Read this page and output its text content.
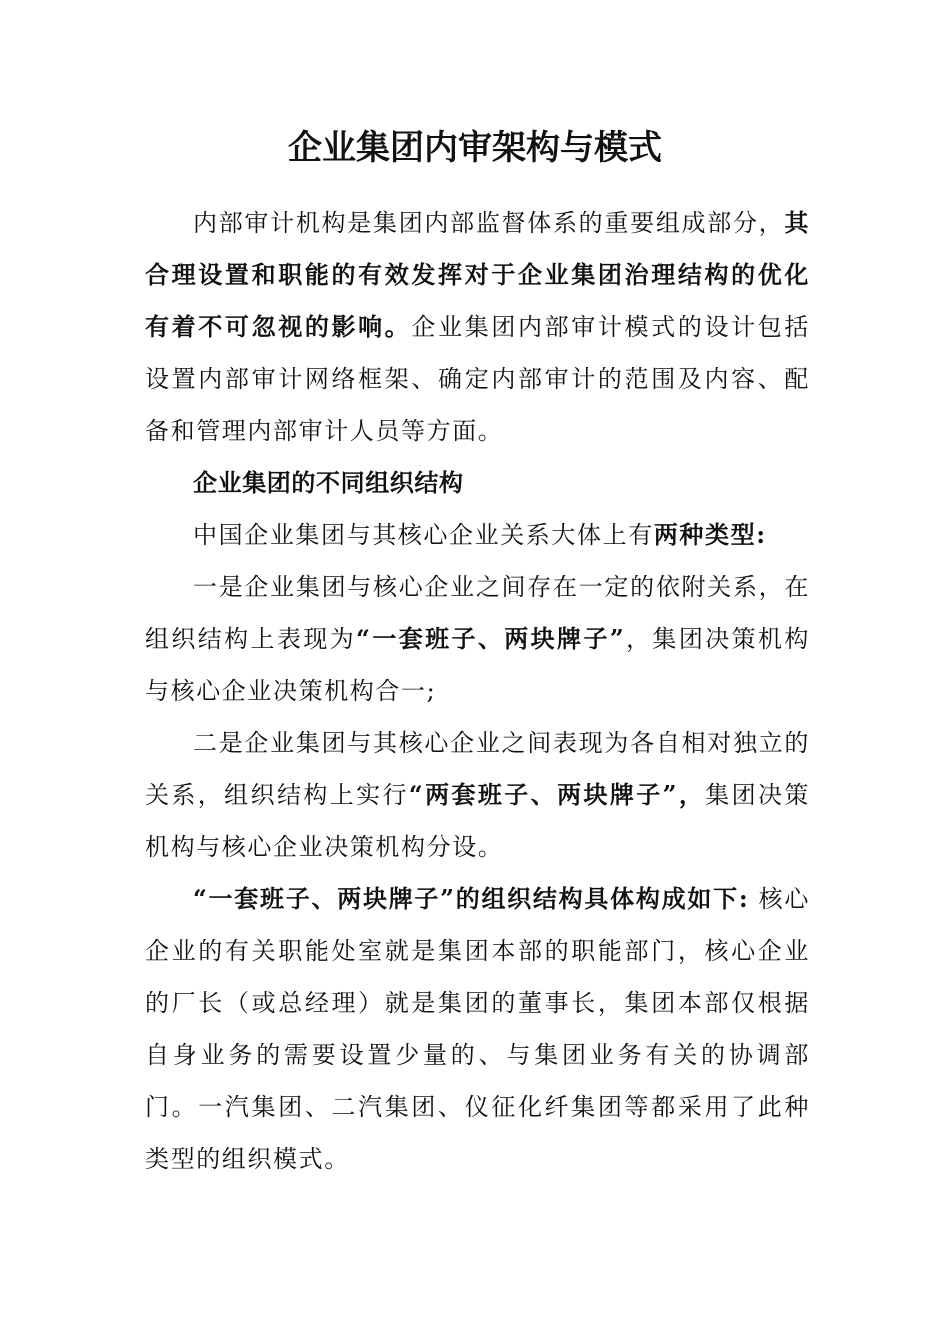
企业集团内审架构与模式

内部审计机构是集团内部监督体系的重要组成部分，其合理设置和职能的有效发挥对于企业集团治理结构的优化有着不可忽视的影响。企业集团内部审计模式的设计包括设置内部审计网络框架、确定内部审计的范围及内容、配备和管理内部审计人员等方面。

企业集团的不同组织结构

中国企业集团与其核心企业关系大体上有两种类型:

一是企业集团与核心企业之间存在一定的依附关系，在组织结构上表现为“一套班子、两块牌子”，集团决策机构与核心企业决策机构合一;

二是企业集团与其核心企业之间表现为各自相对独立的关系，组织结构上实行“两套班子、两块牌子”，集团决策机构与核心企业决策机构分设。

“一套班子、两块牌子”的组织结构具体构成如下: 核心企业的有关职能处室就是集团本部的职能部门，核心企业的厂长（或总经理）就是集团的董事长，集团本部仅根据自身业务的需要设置少量的、与集团业务有关的协调部门。一汽集团、二汽集团、仪征化纤集团等都采用了此种类型的组织模式。
